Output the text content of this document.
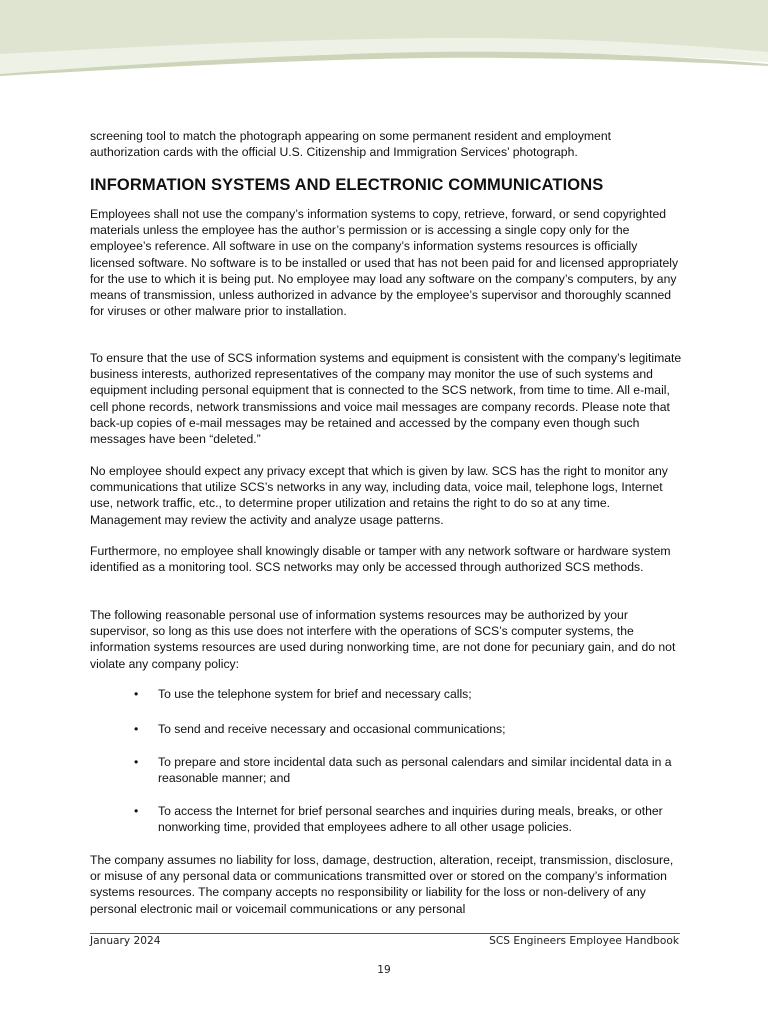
screening tool to match the photograph appearing on some permanent resident and employment authorization cards with the official U.S. Citizenship and Immigration Services’ photograph.

INFORMATION SYSTEMS AND ELECTRONIC COMMUNICATIONS

Employees shall not use the company’s information systems to copy, retrieve, forward, or send copyrighted materials unless the employee has the author’s permission or is accessing a single copy only for the employee’s reference. All software in use on the company’s information systems resources is officially licensed software. No software is to be installed or used that has not been paid for and licensed appropriately for the use to which it is being put. No employee may load any software on the company’s computers, by any means of transmission, unless authorized in advance by the employee’s supervisor and thoroughly scanned for viruses or other malware prior to installation.

To ensure that the use of SCS information systems and equipment is consistent with the company’s legitimate business interests, authorized representatives of the company may monitor the use of such systems and equipment including personal equipment that is connected to the SCS network, from time to time. All e-mail, cell phone records, network transmissions and voice mail messages are company records. Please note that back-up copies of e-mail messages may be retained and accessed by the company even though such messages have been “deleted.”

No employee should expect any privacy except that which is given by law. SCS has the right to monitor any communications that utilize SCS’s networks in any way, including data, voice mail, telephone logs, Internet use, network traffic, etc., to determine proper utilization and retains the right to do so at any time. Management may review the activity and analyze usage patterns.

Furthermore, no employee shall knowingly disable or tamper with any network software or hardware system identified as a monitoring tool. SCS networks may only be accessed through authorized SCS methods.

The following reasonable personal use of information systems resources may be authorized by your supervisor, so long as this use does not interfere with the operations of SCS’s computer systems, the information systems resources are used during nonworking time, are not done for pecuniary gain, and do not violate any company policy:

• To use the telephone system for brief and necessary calls;
• To send and receive necessary and occasional communications;
• To prepare and store incidental data such as personal calendars and similar incidental data in a reasonable manner; and
• To access the Internet for brief personal searches and inquiries during meals, breaks, or other nonworking time, provided that employees adhere to all other usage policies.

The company assumes no liability for loss, damage, destruction, alteration, receipt, transmission, disclosure, or misuse of any personal data or communications transmitted over or stored on the company’s information systems resources. The company accepts no responsibility or liability for the loss or non-delivery of any personal electronic mail or voicemail communications or any personal

January 2024	SCS Engineers Employee Handbook
19
